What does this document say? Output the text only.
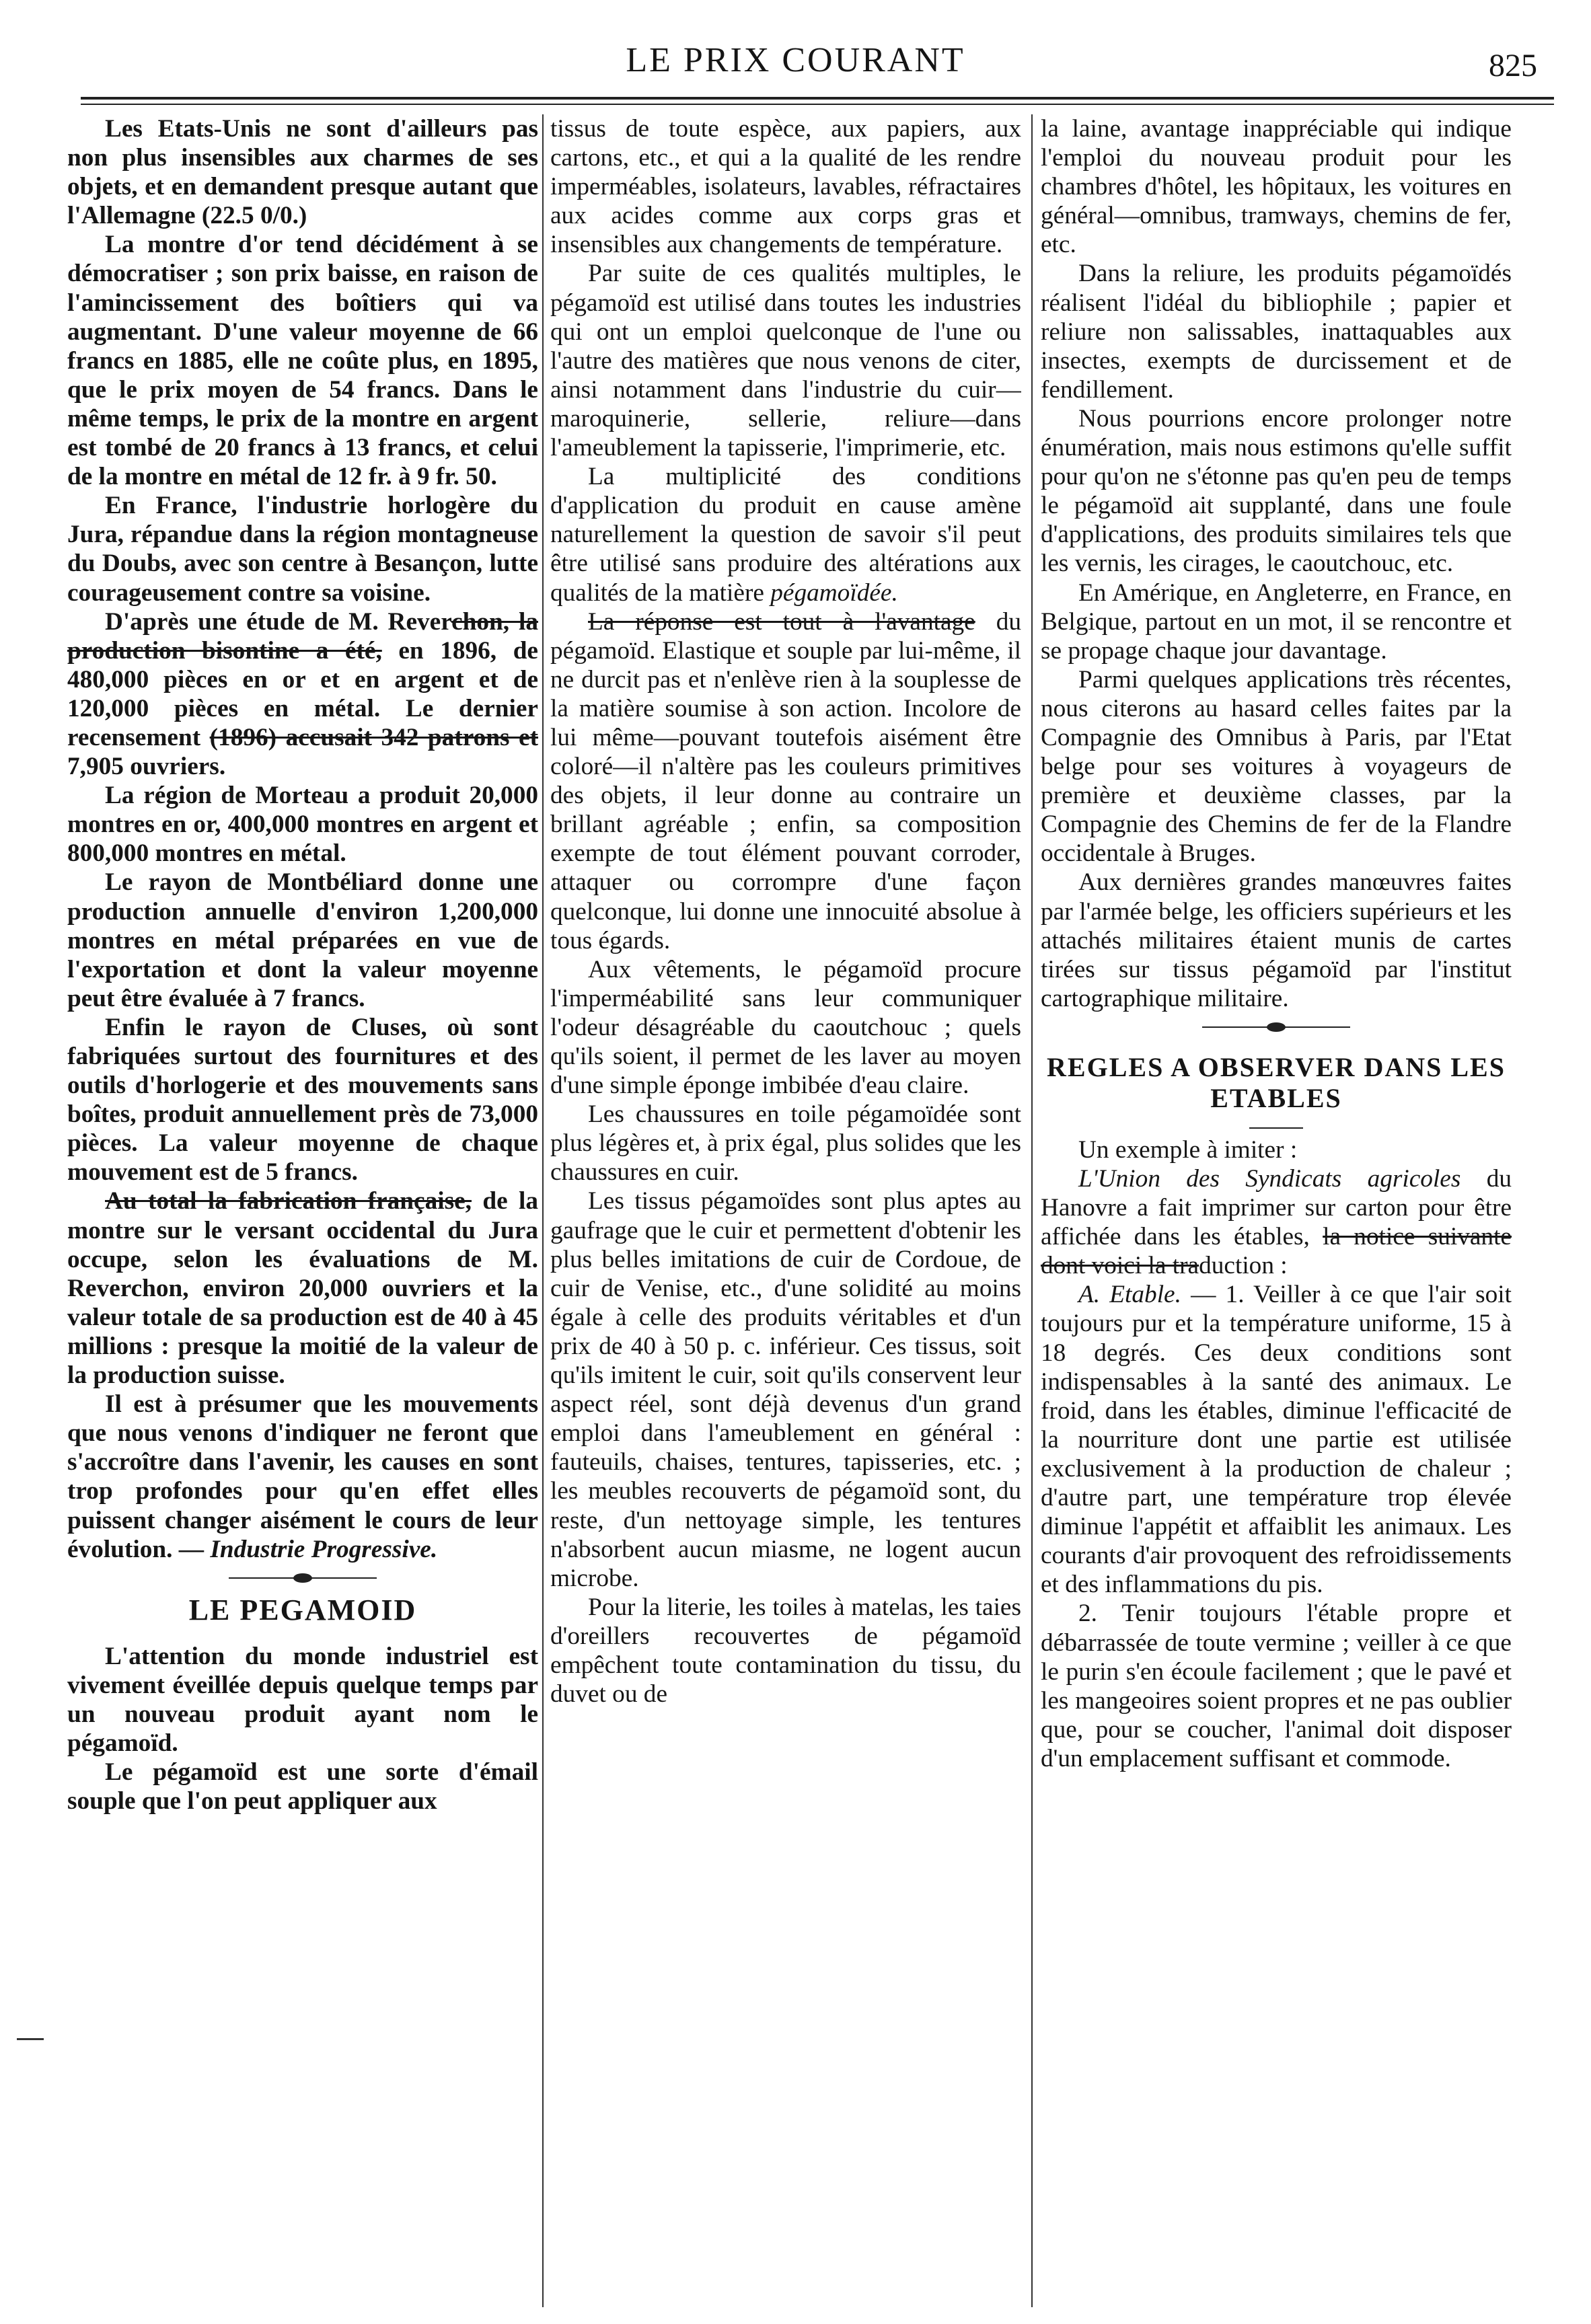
LE PRIX COURANT	825

Les Etats-Unis ne sont d'ailleurs pas non plus insensibles aux charmes de ses objets, et en demandent presque autant que l'Allemagne (22.5 0/0.)

La montre d'or tend décidément à se démocratiser ; son prix baisse, en raison de l'amincissement des boîtiers qui va augmentant. D'une valeur moyenne de 66 francs en 1885, elle ne coûte plus, en 1895, que le prix moyen de 54 francs. Dans le même temps, le prix de la montre en argent est tombé de 20 francs à 13 francs, et celui de la montre en métal de 12 fr. à 9 fr. 50.

En France, l'industrie horlogère du Jura, répandue dans la région montagneuse du Doubs, avec son centre à Besançon, lutte courageusement contre sa voisine.

D'après une étude de M. Reverchon, la production bisontine a été, en 1896, de 480,000 pièces en or et en argent et de 120,000 pièces en métal. Le dernier recensement (1896) accusait 342 patrons et 7,905 ouvriers.

La région de Morteau a produit 20,000 montres en or, 400,000 montres en argent et 800,000 montres en métal.

Le rayon de Montbéliard donne une production annuelle d'environ 1,200,000 montres en métal préparées en vue de l'exportation et dont la valeur moyenne peut être évaluée à 7 francs.

Enfin le rayon de Cluses, où sont fabriquées surtout des fournitures et des outils d'horlogerie et des mouvements sans boîtes, produit annuellement près de 73,000 pièces. La valeur moyenne de chaque mouvement est de 5 francs.

Au total la fabrication française, de la montre sur le versant occidental du Jura occupe, selon les évaluations de M. Reverchon, environ 20,000 ouvriers et la valeur totale de sa production est de 40 à 45 millions : presque la moitié de la valeur de la production suisse.

Il est à présumer que les mouvements que nous venons d'indiquer ne feront que s'accroître dans l'avenir, les causes en sont trop profondes pour qu'en effet elles puissent changer aisément le cours de leur évolution. — Industrie Progressive.

LE PEGAMOID

L'attention du monde industriel est vivement éveillée depuis quelque temps par un nouveau produit ayant nom le pégamoïd.

Le pégamoïd est une sorte d'émail souple que l'on peut appliquer aux

tissus de toute espèce, aux papiers, aux cartons, etc., et qui a la qualité de les rendre imperméables, isolateurs, lavables, réfractaires aux acides comme aux corps gras et insensibles aux changements de température.

Par suite de ces qualités multiples, le pégamoïd est utilisé dans toutes les industries qui ont un emploi quelconque de l'une ou l'autre des matières que nous venons de citer, ainsi notamment dans l'industrie du cuir—maroquinerie, sellerie, reliure—dans l'ameublement la tapisserie, l'imprimerie, etc.

La multiplicité des conditions d'application du produit en cause amène naturellement la question de savoir s'il peut être utilisé sans produire des altérations aux qualités de la matière pégamoïdée.

La réponse est tout à l'avantage du pégamoïd. Elastique et souple par lui-même, il ne durcit pas et n'enlève rien à la souplesse de la matière soumise à son action. Incolore de lui même—pouvant toutefois aisément être coloré—il n'altère pas les couleurs primitives des objets, il leur donne au contraire un brillant agréable ; enfin, sa composition exempte de tout élément pouvant corroder, attaquer ou corrompre d'une façon quelconque, lui donne une innocuité absolue à tous égards.

Aux vêtements, le pégamoïd procure l'imperméabilité sans leur communiquer l'odeur désagréable du caoutchouc ; quels qu'ils soient, il permet de les laver au moyen d'une simple éponge imbibée d'eau claire.

Les chaussures en toile pégamoïdée sont plus légères et, à prix égal, plus solides que les chaussures en cuir.

Les tissus pégamoïdes sont plus aptes au gaufrage que le cuir et permettent d'obtenir les plus belles imitations de cuir de Cordoue, de cuir de Venise, etc., d'une solidité au moins égale à celle des produits véritables et d'un prix de 40 à 50 p. c. inférieur. Ces tissus, soit qu'ils imitent le cuir, soit qu'ils conservent leur aspect réel, sont déjà devenus d'un grand emploi dans l'ameublement en général : fauteuils, chaises, tentures, tapisseries, etc. ; les meubles recouverts de pégamoïd sont, du reste, d'un nettoyage simple, les tentures n'absorbent aucun miasme, ne logent aucun microbe.

Pour la literie, les toiles à matelas, les taies d'oreillers recouvertes de pégamoïd empêchent toute contamination du tissu, du duvet ou de

la laine, avantage inappréciable qui indique l'emploi du nouveau produit pour les chambres d'hôtel, les hôpitaux, les voitures en général—omnibus, tramways, chemins de fer, etc.

Dans la reliure, les produits pégamoïdés réalisent l'idéal du bibliophile ; papier et reliure non salissables, inattaquables aux insectes, exempts de durcissement et de fendillement.

Nous pourrions encore prolonger notre énumération, mais nous estimons qu'elle suffit pour qu'on ne s'étonne pas qu'en peu de temps le pégamoïd ait supplanté, dans une foule d'applications, des produits similaires tels que les vernis, les cirages, le caoutchouc, etc.

En Amérique, en Angleterre, en France, en Belgique, partout en un mot, il se rencontre et se propage chaque jour davantage.

Parmi quelques applications très récentes, nous citerons au hasard celles faites par la Compagnie des Omnibus à Paris, par l'Etat belge pour ses voitures à voyageurs de première et deuxième classes, par la Compagnie des Chemins de fer de la Flandre occidentale à Bruges.

Aux dernières grandes manœuvres faites par l'armée belge, les officiers supérieurs et les attachés militaires étaient munis de cartes tirées sur tissus pégamoïd par l'institut cartographique militaire.

REGLES A OBSERVER DANS LES ETABLES

Un exemple à imiter :

L'Union des Syndicats agricoles du Hanovre a fait imprimer sur carton pour être affichée dans les étables, la notice suivante dont voici la traduction :

A. Etable. — 1. Veiller à ce que l'air soit toujours pur et la température uniforme, 15 à 18 degrés. Ces deux conditions sont indispensables à la santé des animaux. Le froid, dans les étables, diminue l'efficacité de la nourriture dont une partie est utilisée exclusivement à la production de chaleur ; d'autre part, une température trop élevée diminue l'appétit et affaiblit les animaux. Les courants d'air provoquent des refroidissements et des inflammations du pis.

2. Tenir toujours l'étable propre et débarrassée de toute vermine ; veiller à ce que le purin s'en écoule facilement ; que le pavé et les mangeoires soient propres et ne pas oublier que, pour se coucher, l'animal doit disposer d'un emplacement suffisant et commode.
